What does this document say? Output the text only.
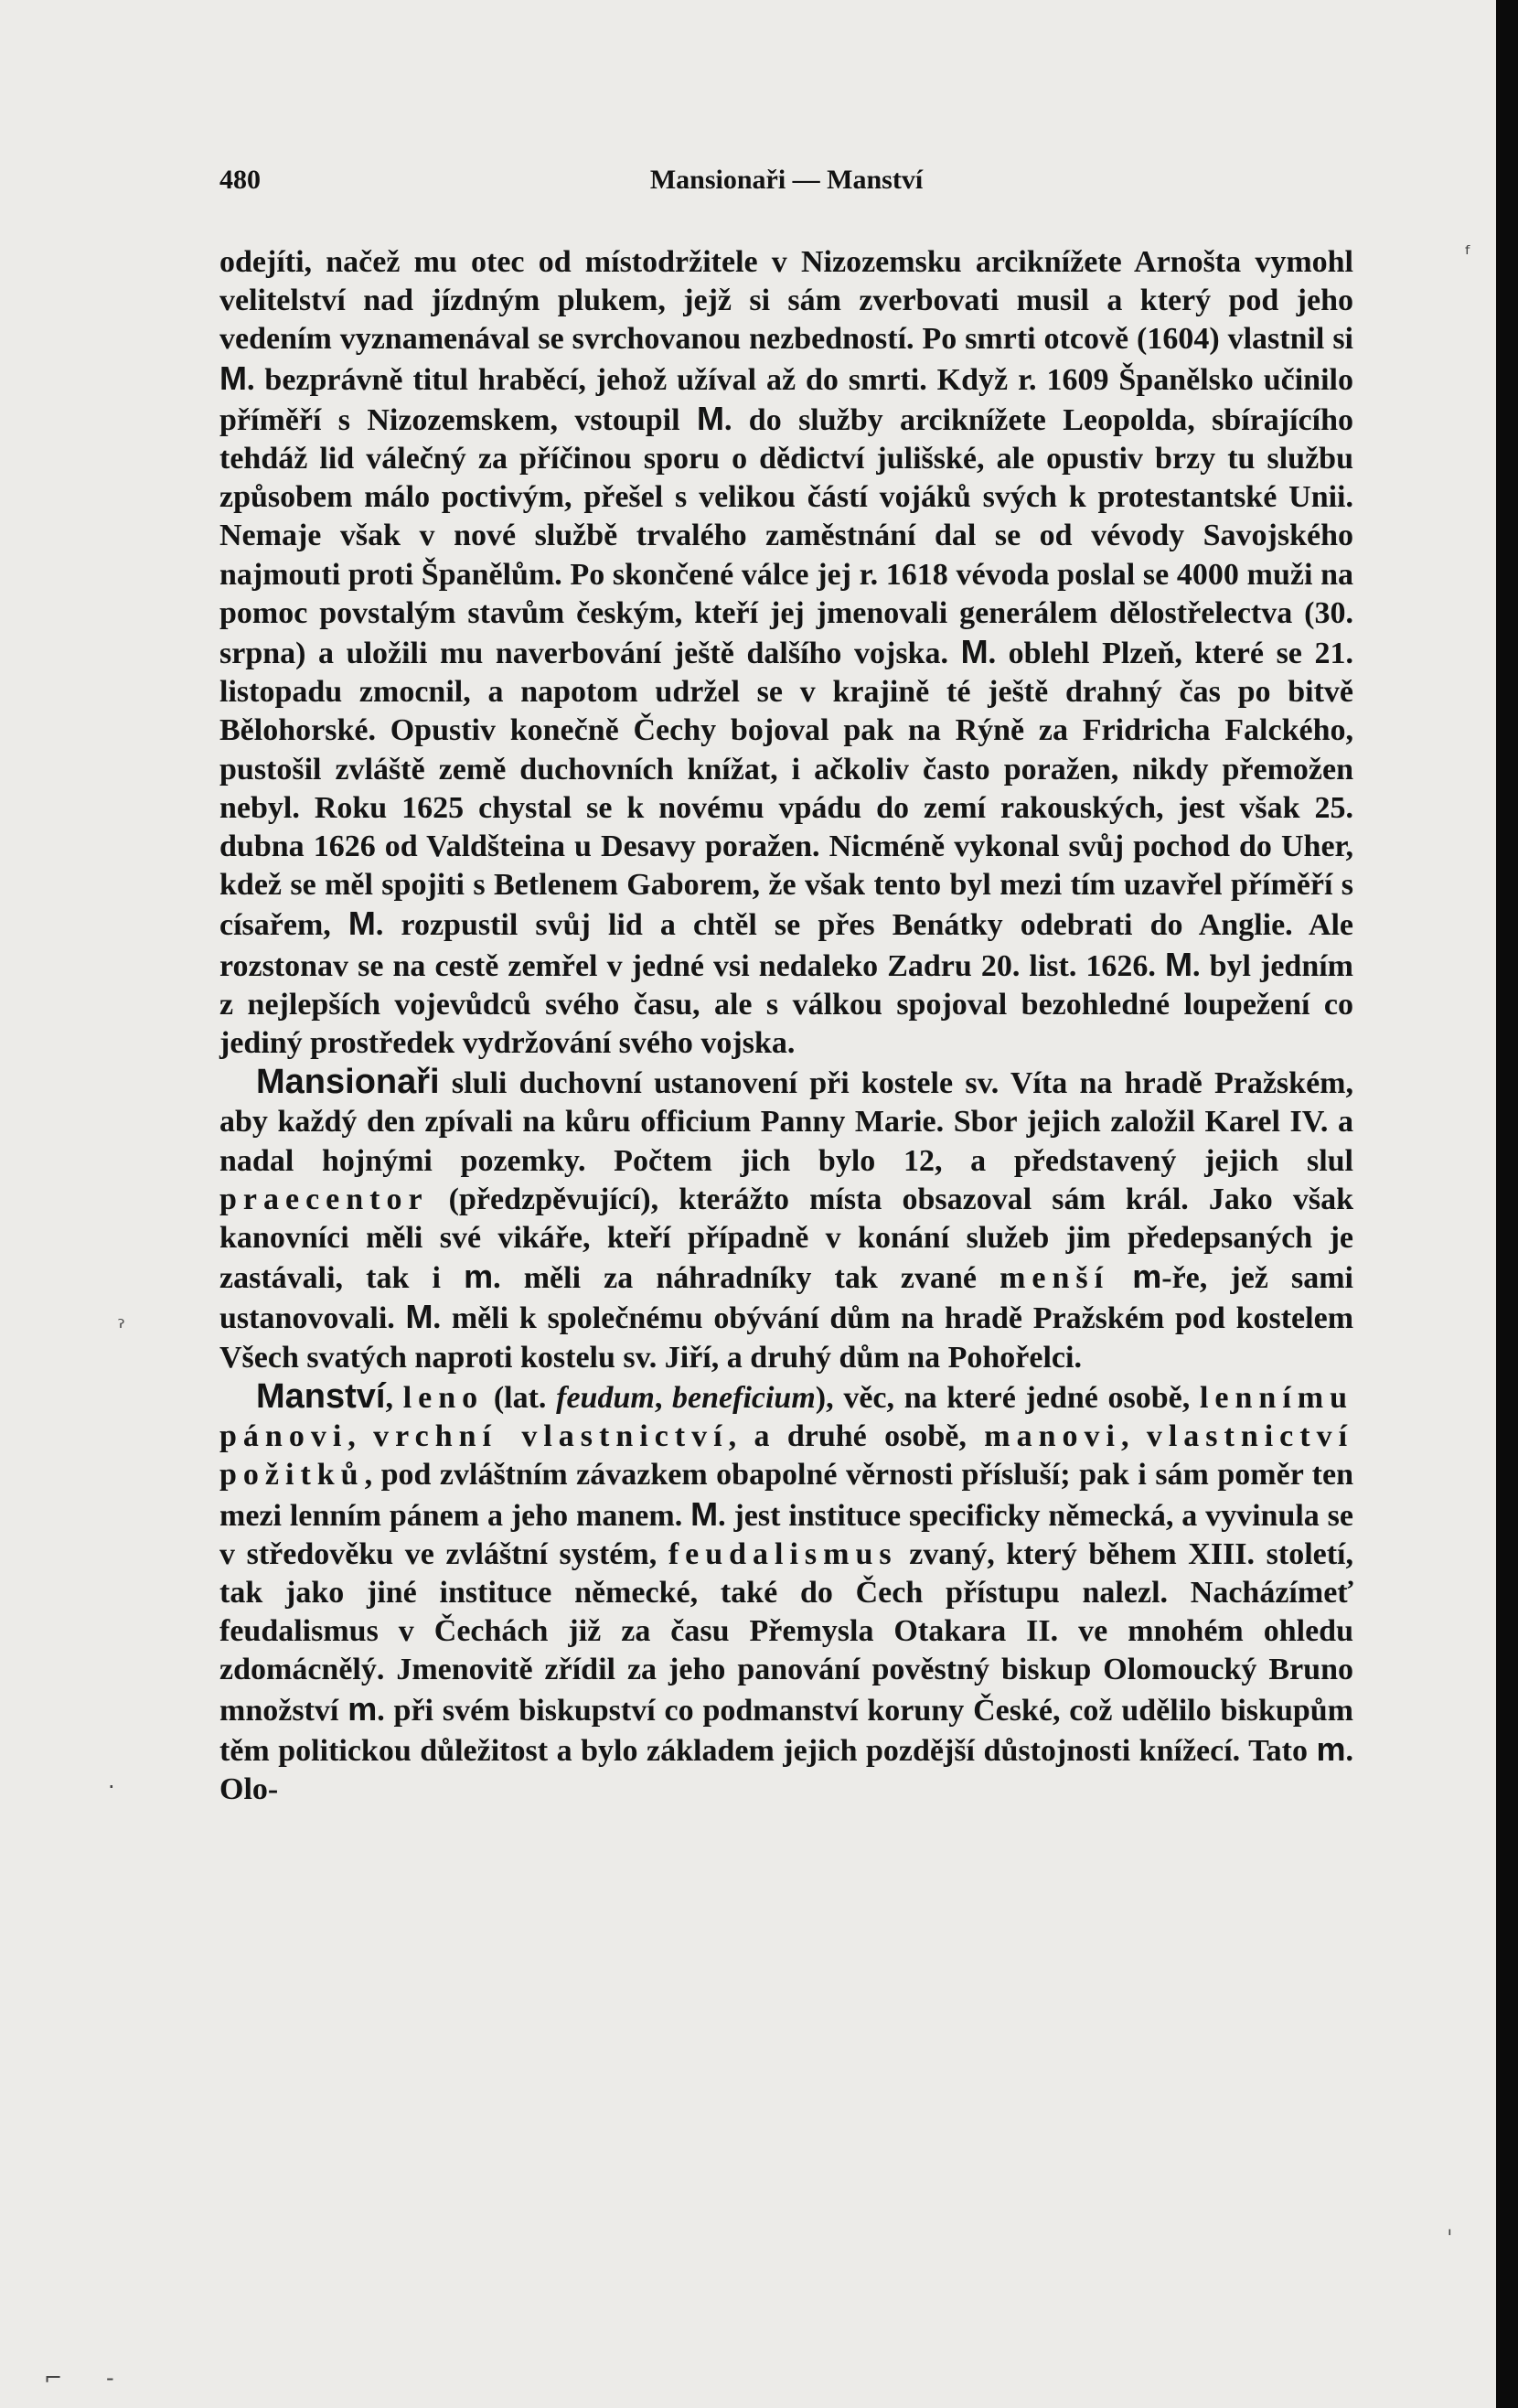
480	Mansionaři — Manství

odejíti, načež mu otec od místodržitele v Nizozemsku arciknížete Arnošta vymohl velitelství nad jízdným plukem, jejž si sám zverbovati musil a který pod jeho vedením vyznamenával se svrchovanou nezbedností. Po smrti otcově (1604) vlastnil si M. bezprávně titul hraběcí, jehož užíval až do smrti. Když r. 1609 Španělsko učinilo příměří s Nizozemskem, vstoupil M. do služby arciknížete Leopolda, sbírajícího tehdáž lid válečný za příčinou sporu o dědictví julišské, ale opustiv brzy tu službu způsobem málo poctivým, přešel s velikou částí vojáků svých k protestantské Unii. Nemaje však v nové službě trvalého zaměstnání dal se od vévody Savojského najmouti proti Španělům. Po skončené válce jej r. 1618 vévoda poslal se 4000 muži na pomoc povstalým stavům českým, kteří jej jmenovali generálem dělostřelectva (30. srpna) a uložili mu naverbování ještě dalšího vojska. M. oblehl Plzeň, které se 21. listopadu zmocnil, a napotom udržel se v krajině té ještě drahný čas po bitvě Bělohorské. Opustiv konečně Čechy bojoval pak na Rýně za Fridricha Falckého, pustošil zvláště země duchovních knížat, i ačkoliv často poražen, nikdy přemožen nebyl. Roku 1625 chystal se k novému vpádu do zemí rakouských, jest však 25. dubna 1626 od Valdšteina u Desavy poražen. Nicméně vykonal svůj pochod do Uher, kdež se měl spojiti s Betlenem Gaborem, že však tento byl mezi tím uzavřel příměří s císařem, M. rozpustil svůj lid a chtěl se přes Benátky odebrati do Anglie. Ale rozstonav se na cestě zemřel v jedné vsi nedaleko Zadru 20. list. 1626. M. byl jedním z nejlepších vojevůdců svého času, ale s válkou spojoval bezohledné loupežení co jediný prostředek vydržování svého vojska.

Mansionaři sluli duchovní ustanovení při kostele sv. Víta na hradě Pražském, aby každý den zpívali na kůru officium Panny Marie. Sbor jejich založil Karel IV. a nadal hojnými pozemky. Počtem jich bylo 12, a představený jejich slul praecentor (předzpěvující), kterážto místa obsazoval sám král. Jako však kanovníci měli své vikáře, kteří případně v konání služeb jim předepsaných je zastávali, tak i m. měli za náhradníky tak zvané menší m-ře, jež sami ustanovovali. M. měli k společnému obývání dům na hradě Pražském pod kostelem Všech svatých naproti kostelu sv. Jiří, a druhý dům na Pohořelci.

Manství, leno (lat. feudum, beneficium), věc, na které jedné osobě, lennímu pánovi, vrchní vlastnictví, a druhé osobě, manovi, vlastnictví požitků, pod zvláštním závazkem obapolné věrnosti přísluší; pak i sám poměr ten mezi lenním pánem a jeho manem. M. jest instituce specificky německá, a vyvinula se v středověku ve zvláštní systém, feudalismus zvaný, který během XIII. století, tak jako jiné instituce německé, také do Čech přístupu nalezl. Nacházímeť feudalismus v Čechách již za času Přemysla Otakara II. ve mnohém ohledu zdomácnělý. Jmenovitě zřídil za jeho panování pověstný biskup Olomoucký Bruno množství m. při svém biskupství co podmanství koruny České, což udělilo biskupům těm politickou důležitost a bylo základem jejich pozdější důstojnosti knížecí. Tato m. Olo-

ᶠ
ˀ
·
ˈ
⌐ -
